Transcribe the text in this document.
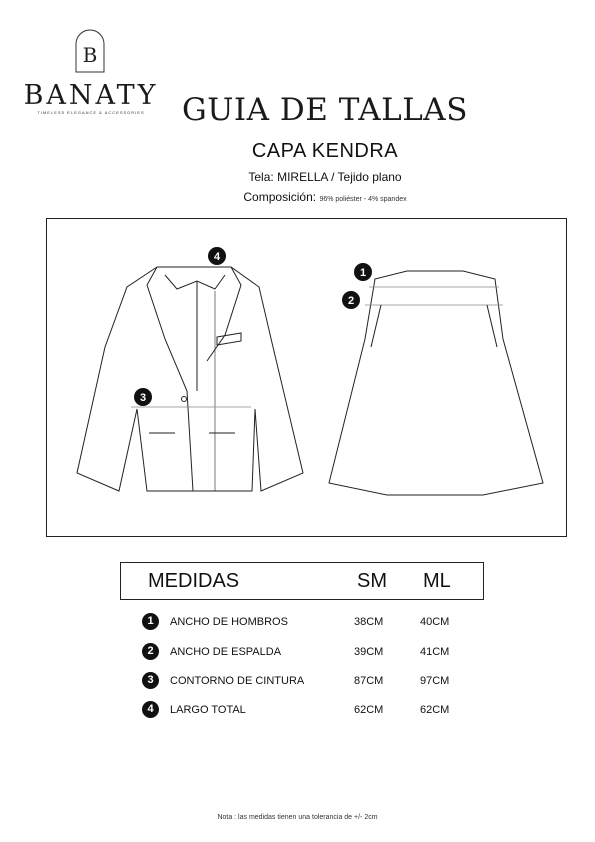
B
BANATY
TIMELESS ELEGANCE & ACCESSORIES	GUIA DE TALLAS
CAPA KENDRA
Tela: MIRELLA / Tejido plano
Composición: 96% poliéster - 4% spandex
4
3
1
2
MEDIDAS	SM ML
1	ANCHO DE HOMBROS	38CM	40CM
2	ANCHO DE ESPALDA	39CM	41CM
3	CONTORNO DE CINTURA	87CM	97CM
4	LARGO TOTAL	62CM	62CM
Nota : las medidas tienen una tolerancia de +/- 2cm
